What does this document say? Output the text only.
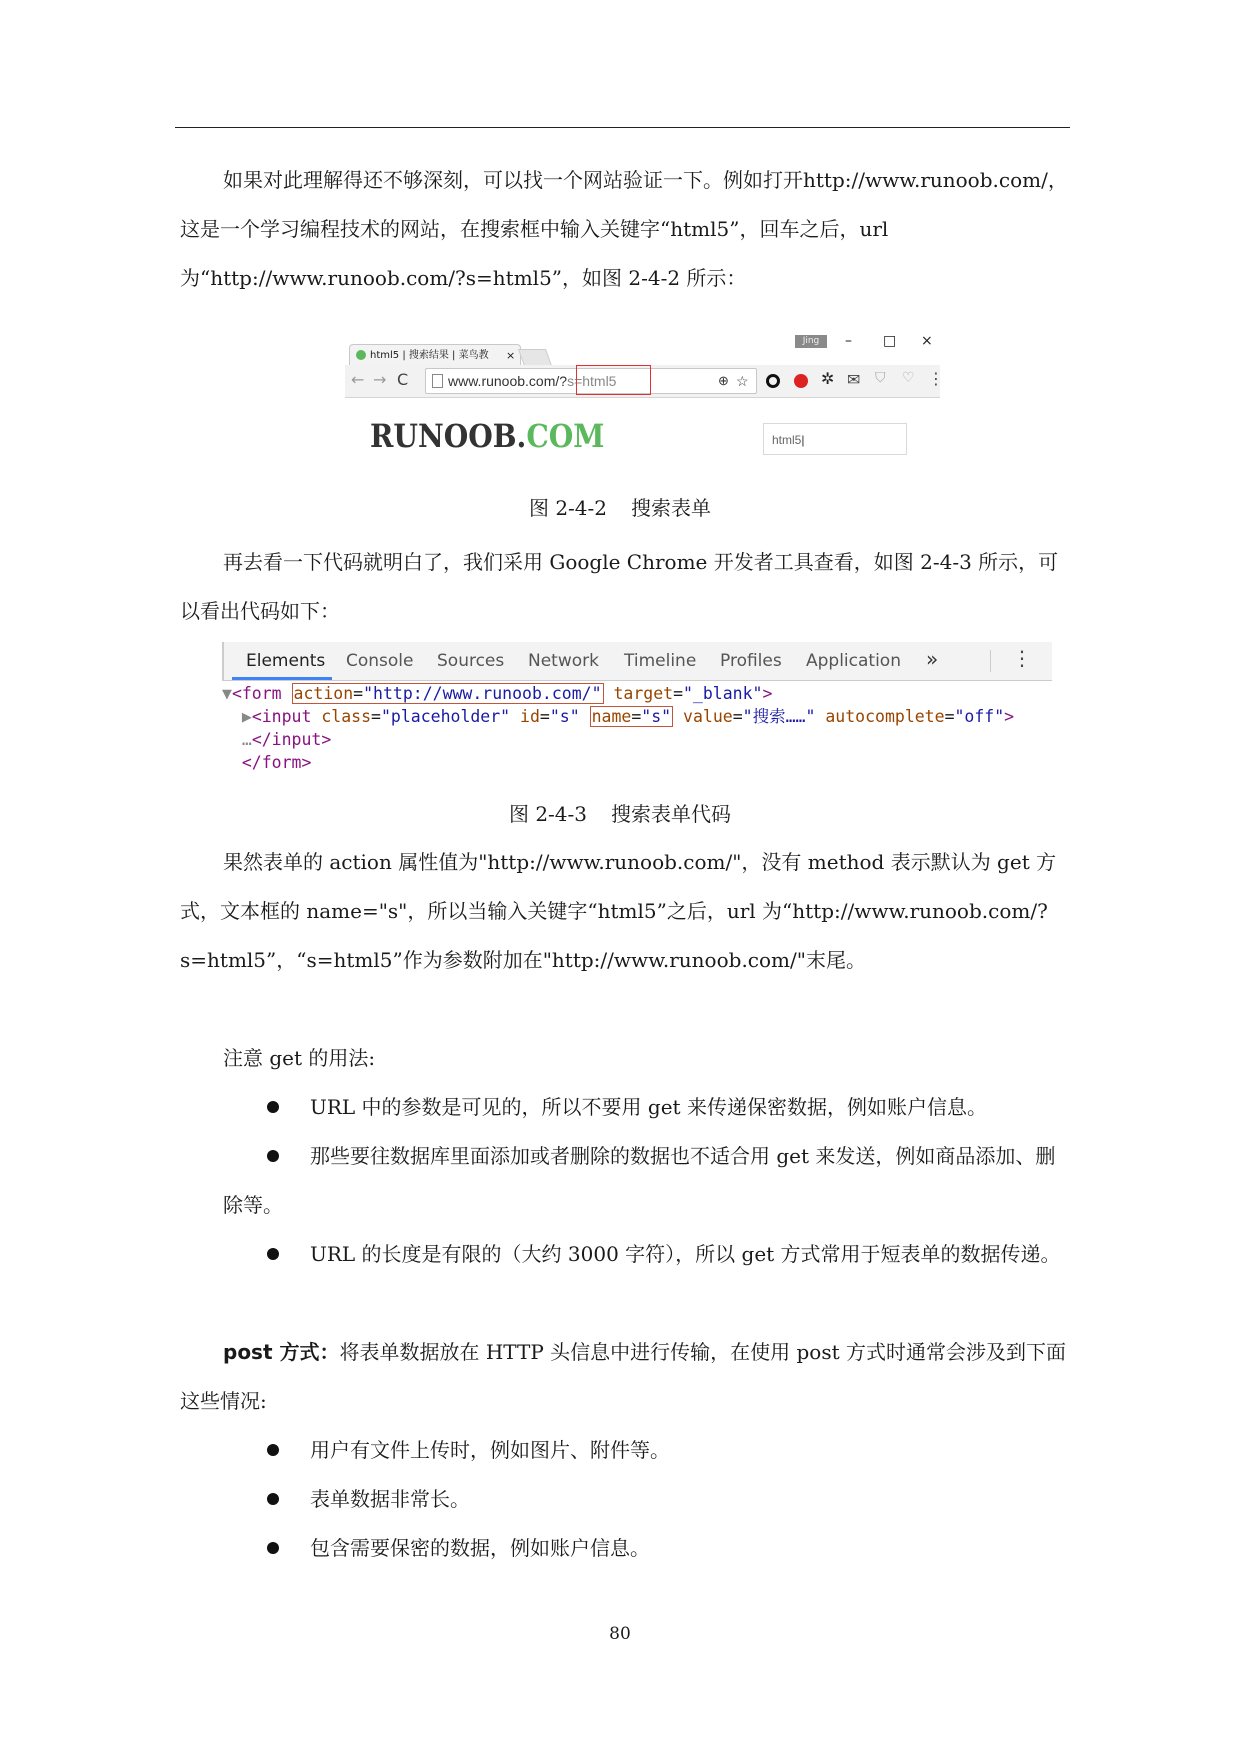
如果对此理解得还不够深刻，可以找一个网站验证一下。例如打开http://www.runoob.com/，这是一个学习编程技术的网站，在搜索框中输入关键字“html5”，回车之后，url 为“http://www.runoob.com/?s=html5”，如图 2-4-2 所示：

html5 | 搜索结果 | 菜鸟教 ×
Jing	– □ ×
← → C	www.runoob.com/?s=html5	⊕ ☆	✲ ✉ ⛉ ♡ ⋮
RUNOOB.COM	html5|

图 2-4-2 搜索表单

再去看一下代码就明白了，我们采用 Google Chrome 开发者工具查看，如图 2-4-3 所示，可以看出代码如下：

Elements Console Sources Network Timeline Profiles Application »	⋮
▼<form action="http://www.runoob.com/" target="_blank">
▶<input class="placeholder" id="s" name="s" value="搜索……" autocomplete="off">
…</input>
</form>

图 2-4-3 搜索表单代码

果然表单的 action 属性值为"http://www.runoob.com/"，没有 method 表示默认为 get 方式，文本框的 name="s"，所以当输入关键字“html5”之后，url 为“http://www.runoob.com/?s=html5”，“s=html5”作为参数附加在"http://www.runoob.com/"末尾。

注意 get 的用法:

URL 中的参数是可见的，所以不要用 get 来传递保密数据，例如账户信息。

那些要往数据库里面添加或者删除的数据也不适合用 get 来发送，例如商品添加、删除等。

URL 的长度是有限的（大约 3000 字符），所以 get 方式常用于短表单的数据传递。

post 方式：将表单数据放在 HTTP 头信息中进行传输，在使用 post 方式时通常会涉及到下面这些情况:

用户有文件上传时，例如图片、附件等。

表单数据非常长。

包含需要保密的数据，例如账户信息。

80
